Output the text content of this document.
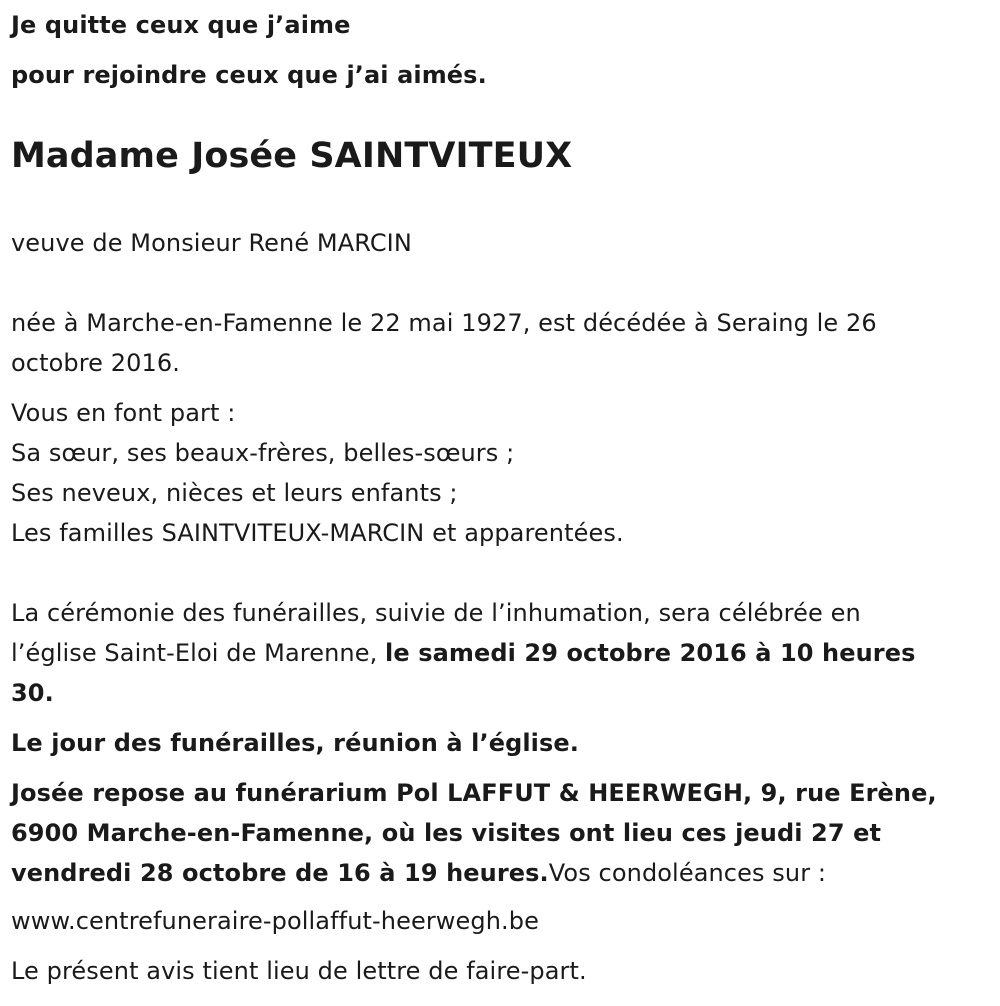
Je quitte ceux que j’aime
pour rejoindre ceux que j’ai aimés.
Madame Josée SAINTVITEUX
veuve de Monsieur René MARCIN
née à Marche-en-Famenne le 22 mai 1927, est décédée à Seraing le 26
octobre 2016.
Vous en font part :
Sa sœur, ses beaux-frères, belles-sœurs ;
Ses neveux, nièces et leurs enfants ;
Les familles SAINTVITEUX-MARCIN et apparentées.
La cérémonie des funérailles, suivie de l’inhumation, sera célébrée en
l’église Saint-Eloi de Marenne, le samedi 29 octobre 2016 à 10 heures
30.
Le jour des funérailles, réunion à l’église.
Josée repose au funérarium Pol LAFFUT & HEERWEGH, 9, rue Erène,
6900 Marche-en-Famenne, où les visites ont lieu ces jeudi 27 et
vendredi 28 octobre de 16 à 19 heures.Vos condoléances sur :
www.centrefuneraire-pollaffut-heerwegh.be
Le présent avis tient lieu de lettre de faire-part.
